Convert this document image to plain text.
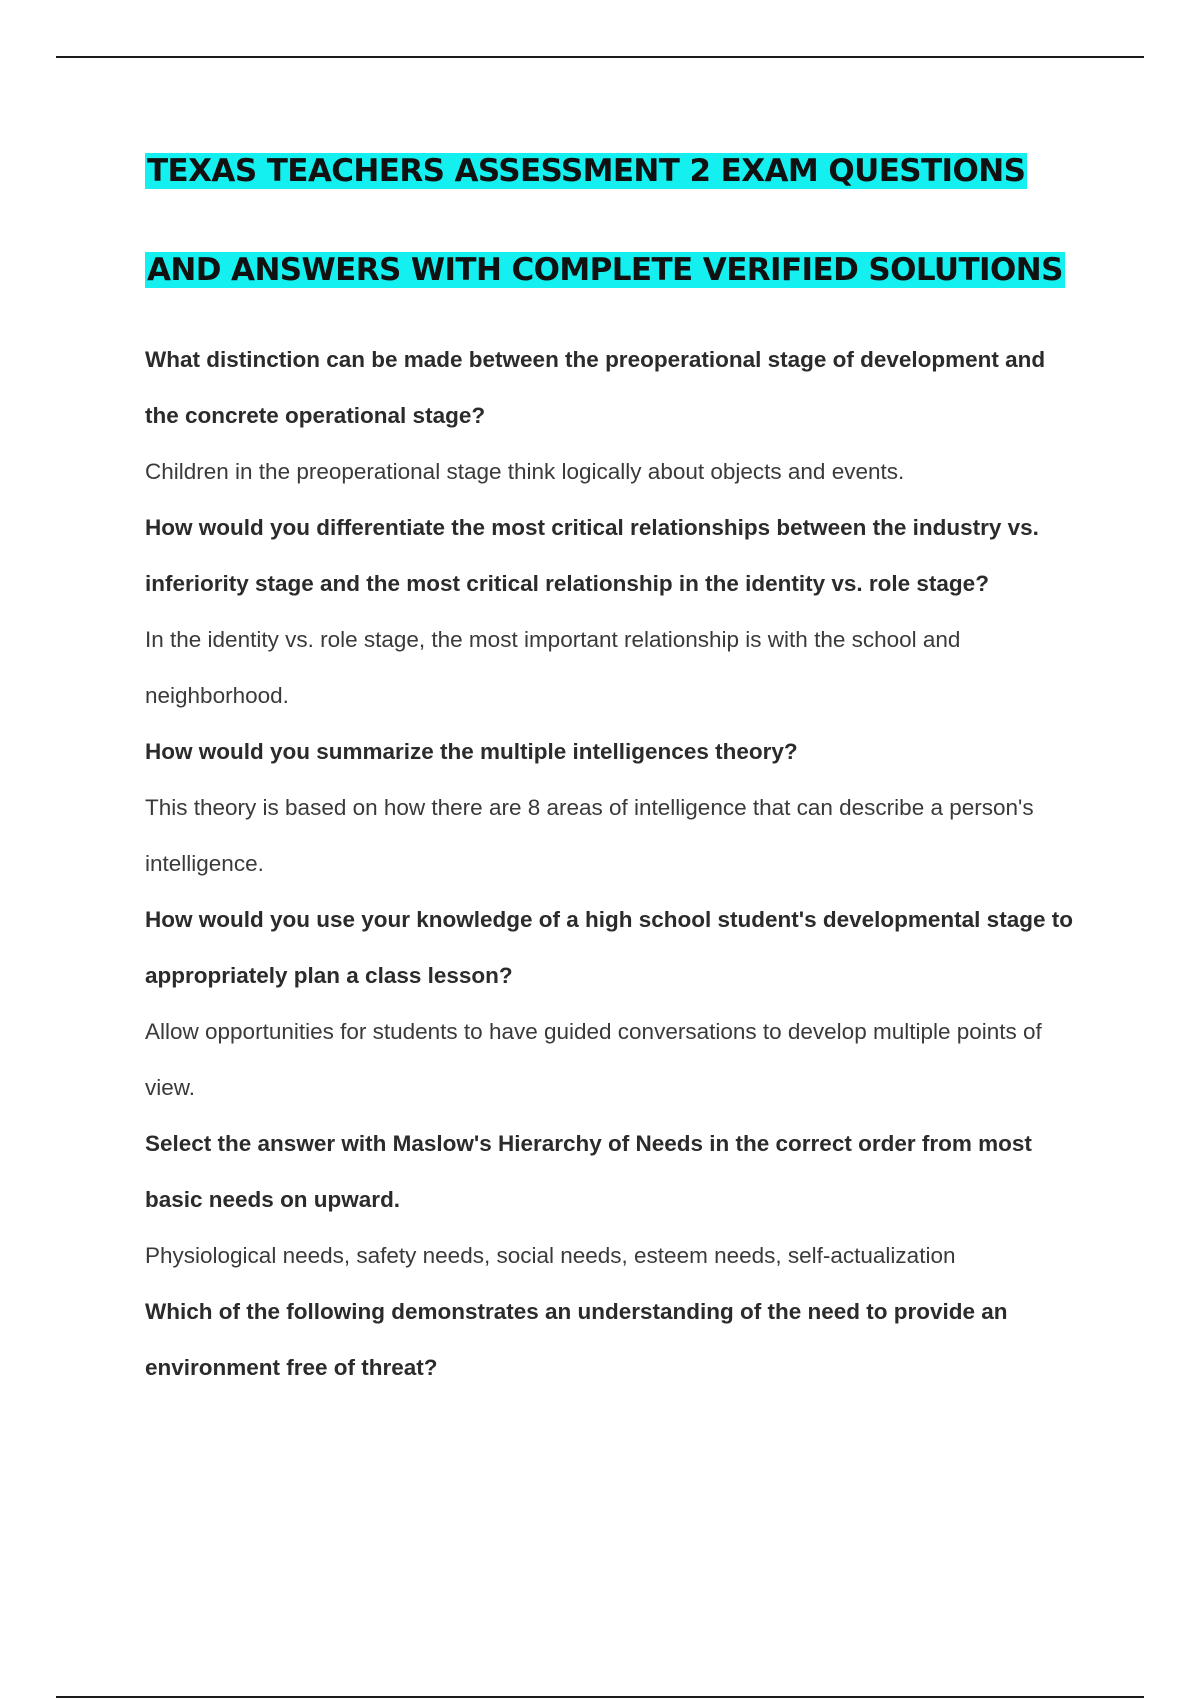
TEXAS TEACHERS ASSESSMENT 2 EXAM QUESTIONS
AND ANSWERS WITH COMPLETE VERIFIED SOLUTIONS

What distinction can be made between the preoperational stage of development and the concrete operational stage?

Children in the preoperational stage think logically about objects and events.

How would you differentiate the most critical relationships between the industry vs. inferiority stage and the most critical relationship in the identity vs. role stage?

In the identity vs. role stage, the most important relationship is with the school and neighborhood.

How would you summarize the multiple intelligences theory?

This theory is based on how there are 8 areas of intelligence that can describe a person's intelligence.

How would you use your knowledge of a high school student's developmental stage to appropriately plan a class lesson?

Allow opportunities for students to have guided conversations to develop multiple points of view.

Select the answer with Maslow's Hierarchy of Needs in the correct order from most basic needs on upward.

Physiological needs, safety needs, social needs, esteem needs, self-actualization

Which of the following demonstrates an understanding of the need to provide an environment free of threat?
